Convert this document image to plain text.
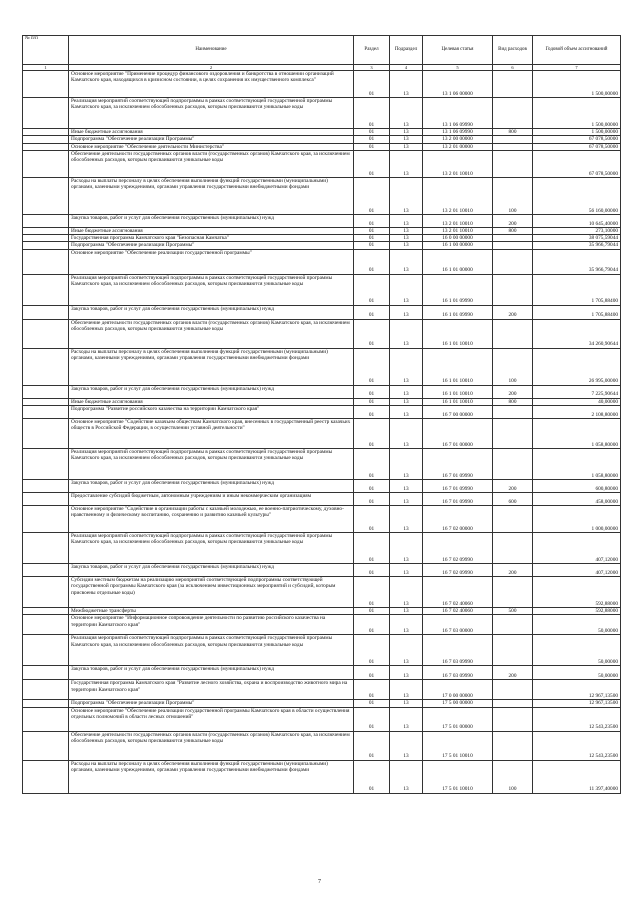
№ п/п	Наименование	Раздел	Подраздел	Целевая статья	Вид расходов	Годовой объем ассигнований
1	2	3	4	5	6	7
	Основное мероприятие "Применение процедур финансового оздоровления и банкротства в отношении организаций Камчатского края, находящихся в кризисном состоянии, в целях сохранения их имущественного комплекса"	01	13	13 1 06 00000		1 500,00000
	Реализация мероприятий соответствующей подпрограммы в рамках соответствующей государственной программы Камчатского края, за исключением обособленных расходов, которым присваиваются уникальные коды	01	13	13 1 06 09990		1 500,00000
	Иные бюджетные ассигнования	01	13	13 1 06 09990	800	1 500,00000
	Подпрограмма "Обеспечение реализации Программы"	01	13	13 2 00 00000		67 078,50000
	Основное мероприятие "Обеспечение деятельности Министерства"	01	13	13 2 01 00000		67 078,50000
	Обеспечение деятельности государственных органов власти (государственных органов) Камчатского края, за исключением обособленных расходов, которым присваиваются уникальные коды	01	13	13 2 01 10010		67 078,50000
	Расходы на выплаты персоналу в целях обеспечения выполнения функций государственными (муниципальными) органами, казенными учреждениями, органами управления государственными внебюджетными фондами	01	13	13 2 01 10010	100	56 160,00000
	Закупка товаров, работ и услуг для обеспечения государственных (муниципальных) нужд	01	13	13 2 01 10010	200	10 645,40000
	Иные бюджетные ассигнования	01	13	13 2 01 10010	800	273,10000
	Государственная программа Камчатского края "Безопасная Камчатка"	01	13	16 0 00 00000		38 075,59044
	Подпрограмма "Обеспечение реализации Программы"	01	13	16 1 00 00000		35 966,79044
	Основное мероприятие "Обеспечение реализации государственной программы"	01	13	16 1 01 00000		35 966,79044
	Реализация мероприятий соответствующей подпрограммы в рамках соответствующей государственной программы Камчатского края, за исключением обособленных расходов, которым присваиваются уникальные коды	01	13	16 1 01 09990		1 705,88400
	Закупка товаров, работ и услуг для обеспечения государственных (муниципальных) нужд	01	13	16 1 01 09990	200	1 705,88400
	Обеспечение деятельности государственных органов власти (государственных органов) Камчатского края, за исключением обособленных расходов, которым присваиваются уникальные коды	01	13	16 1 01 10010		34 260,90644
	Расходы на выплаты персоналу в целях обеспечения выполнения функций государственными (муниципальными) органами, казенными учреждениями, органами управления государственными внебюджетными фондами	01	13	16 1 01 10010	100	26 995,00000
	Закупка товаров, работ и услуг для обеспечения государственных (муниципальных) нужд	01	13	16 1 01 10010	200	7 225,90644
	Иные бюджетные ассигнования	01	13	16 1 01 10010	800	40,00000
	Подпрограмма "Развитие российского казачества на территории Камчатского края"	01	13	16 7 00 00000		2 108,80000
	Основное мероприятие "Содействие казачьим обществам Камчатского края, внесенных в государственный реестр казачьих обществ в Российской Федерации, в осуществлении уставной деятельности"	01	13	16 7 01 00000		1 058,80000
	Реализация мероприятий соответствующей подпрограммы в рамках соответствующей государственной программы Камчатского края, за исключением обособленных расходов, которым присваиваются уникальные коды	01	13	16 7 01 09990		1 058,80000
	Закупка товаров, работ и услуг для обеспечения государственных (муниципальных) нужд	01	13	16 7 01 09990	200	600,80000
	Предоставление субсидий бюджетным, автономным учреждениям и иным некоммерческим организациям	01	13	16 7 01 09990	600	458,00000
	Основное мероприятие "Содействие в организации работы с казачьей молодежью, ее военно-патриотическому, духовно-нравственному и физическому воспитанию, сохранению и развитию казачьей культуры"	01	13	16 7 02 00000		1 000,00000
	Реализация мероприятий соответствующей подпрограммы в рамках соответствующей государственной программы Камчатского края, за исключением обособленных расходов, которым присваиваются уникальные коды	01	13	16 7 02 09990		407,12000
	Закупка товаров, работ и услуг для обеспечения государственных (муниципальных) нужд	01	13	16 7 02 09990	200	407,12000
	Субсидии местным бюджетам на реализацию мероприятий соответствующей подпрограммы соответствующей государственной программы Камчатского края (за исключением инвестиционных мероприятий и субсидий, которым присвоены отдельные коды)	01	13	16 7 02 40060		592,88000
	Межбюджетные трансферты	01	13	16 7 02 40060	500	592,88000
	Основное мероприятие "Информационное сопровождение деятельности по развитию российского казачества на территории Камчатского края"	01	13	16 7 03 00000		50,00000
	Реализация мероприятий соответствующей подпрограммы в рамках соответствующей государственной программы Камчатского края, за исключением обособленных расходов, которым присваиваются уникальные коды	01	13	16 7 03 09990		50,00000
	Закупка товаров, работ и услуг для обеспечения государственных (муниципальных) нужд	01	13	16 7 03 09990	200	50,00000
	Государственная программа Камчатского края "Развитие лесного хозяйства, охрана и воспроизводство животного мира на территории Камчатского края"	01	13	17 0 00 00000		12 967,13500
	Подпрограмма "Обеспечение реализации Программы"	01	13	17 5 00 00000		12 967,13500
	Основное мероприятие "Обеспечение реализации государственной программы Камчатского края в области осуществления отдельных полномочий в области лесных отношений"	01	13	17 5 01 00000		12 543,23500
	Обеспечение деятельности государственных органов власти (государственных органов) Камчатского края, за исключением обособленных расходов, которым присваиваются уникальные коды	01	13	17 5 01 10010		12 543,23500
	Расходы на выплаты персоналу в целях обеспечения выполнения функций государственными (муниципальными) органами, казенными учреждениями, органами управления государственными внебюджетными фондами	01	13	17 5 01 10010	100	11 397,40000
7
